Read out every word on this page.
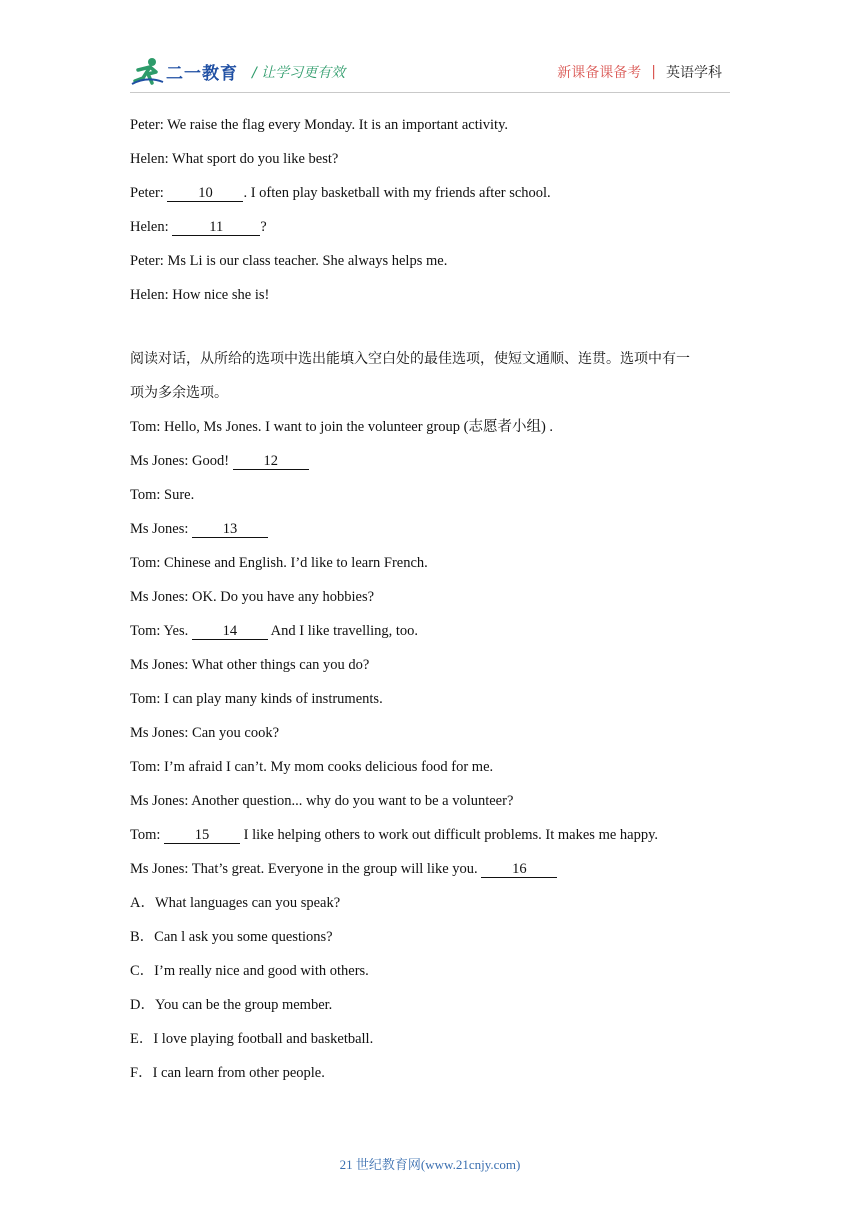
二一教育 / 让学习更有效	新课备课备考 | 英语学科
Peter: We raise the flag every Monday. It is an important activity.
Helen: What sport do you like best?
Peter: 10 . I often play basketball with my friends after school.
Helen:	11	?
Peter: Ms Li is our class teacher. She always helps me.
Helen: How nice she is!
阅读对话，从所给的选项中选出能填入空白处的最佳选项，使短文通顺、连贯。选项中有一
项为多余选项。
Tom: Hello, Ms Jones. I want to join the volunteer group (志愿者小组) .
Ms Jones: Good! 12
Tom: Sure.
Ms Jones: 13
Tom: Chinese and English. I’d like to learn French.
Ms Jones: OK. Do you have any hobbies?
Tom: Yes. 14 And I like travelling, too.
Ms Jones: What other things can you do?
Tom: I can play many kinds of instruments.
Ms Jones: Can you cook?
Tom: I’m afraid I can’t. My mom cooks delicious food for me.
Ms Jones: Another question... why do you want to be a volunteer?
Tom: 15 I like helping others to work out difficult problems. It makes me happy.
Ms Jones: That’s great. Everyone in the group will like you. 16
A．What languages can you speak?
B．Can l ask you some questions?
C．I’m really nice and good with others.
D．You can be the group member.
E．I love playing football and basketball.
F．I can learn from other people.
21 世纪教育网(www.21cnjy.com)
